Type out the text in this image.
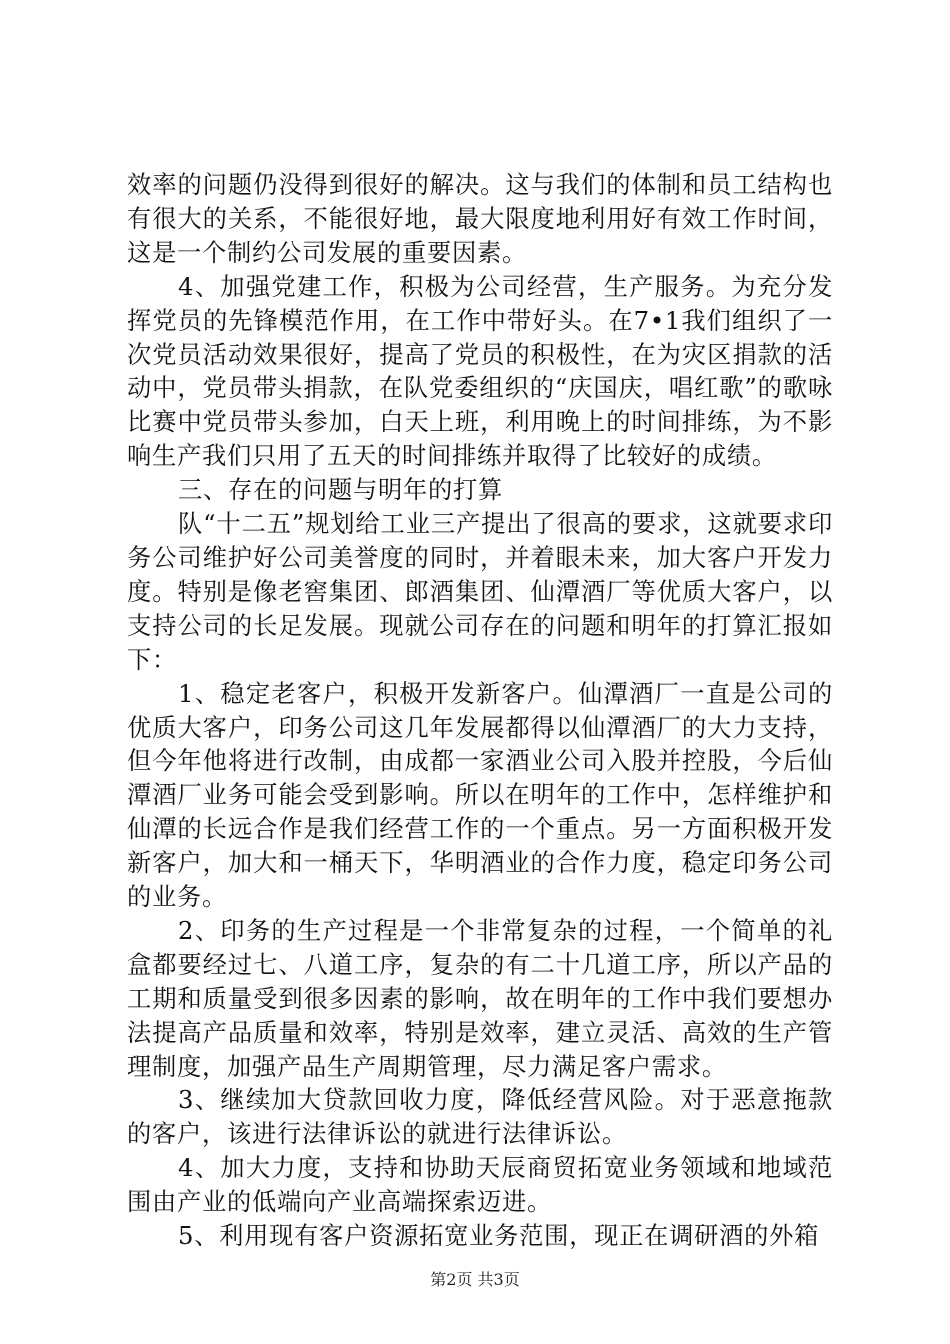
效率的问题仍没得到很好的解决。这与我们的体制和员工结构也有很大的关系，不能很好地，最大限度地利用好有效工作时间，这是一个制约公司发展的重要因素。

4、加强党建工作，积极为公司经营，生产服务。为充分发挥党员的先锋模范作用，在工作中带好头。在7•1我们组织了一次党员活动效果很好，提高了党员的积极性，在为灾区捐款的活动中，党员带头捐款，在队党委组织的“庆国庆，唱红歌”的歌咏比赛中党员带头参加，白天上班，利用晚上的时间排练，为不影响生产我们只用了五天的时间排练并取得了比较好的成绩。

三、存在的问题与明年的打算

队“十二五”规划给工业三产提出了很高的要求，这就要求印务公司维护好公司美誉度的同时，并着眼未来，加大客户开发力度。特别是像老窖集团、郎酒集团、仙潭酒厂等优质大客户，以支持公司的长足发展。现就公司存在的问题和明年的打算汇报如下：

1、稳定老客户，积极开发新客户。仙潭酒厂一直是公司的优质大客户，印务公司这几年发展都得以仙潭酒厂的大力支持，但今年他将进行改制，由成都一家酒业公司入股并控股，今后仙潭酒厂业务可能会受到影响。所以在明年的工作中，怎样维护和仙潭的长远合作是我们经营工作的一个重点。另一方面积极开发新客户，加大和一桶天下，华明酒业的合作力度，稳定印务公司的业务。

2、印务的生产过程是一个非常复杂的过程，一个简单的礼盒都要经过七、八道工序，复杂的有二十几道工序，所以产品的工期和质量受到很多因素的影响，故在明年的工作中我们要想办法提高产品质量和效率，特别是效率，建立灵活、高效的生产管理制度，加强产品生产周期管理，尽力满足客户需求。

3、继续加大贷款回收力度，降低经营风险。对于恶意拖款的客户，该进行法律诉讼的就进行法律诉讼。

4、加大力度，支持和协助天辰商贸拓宽业务领域和地域范围由产业的低端向产业高端探索迈进。

5、利用现有客户资源拓宽业务范围，现正在调研酒的外箱

第2页 共3页
